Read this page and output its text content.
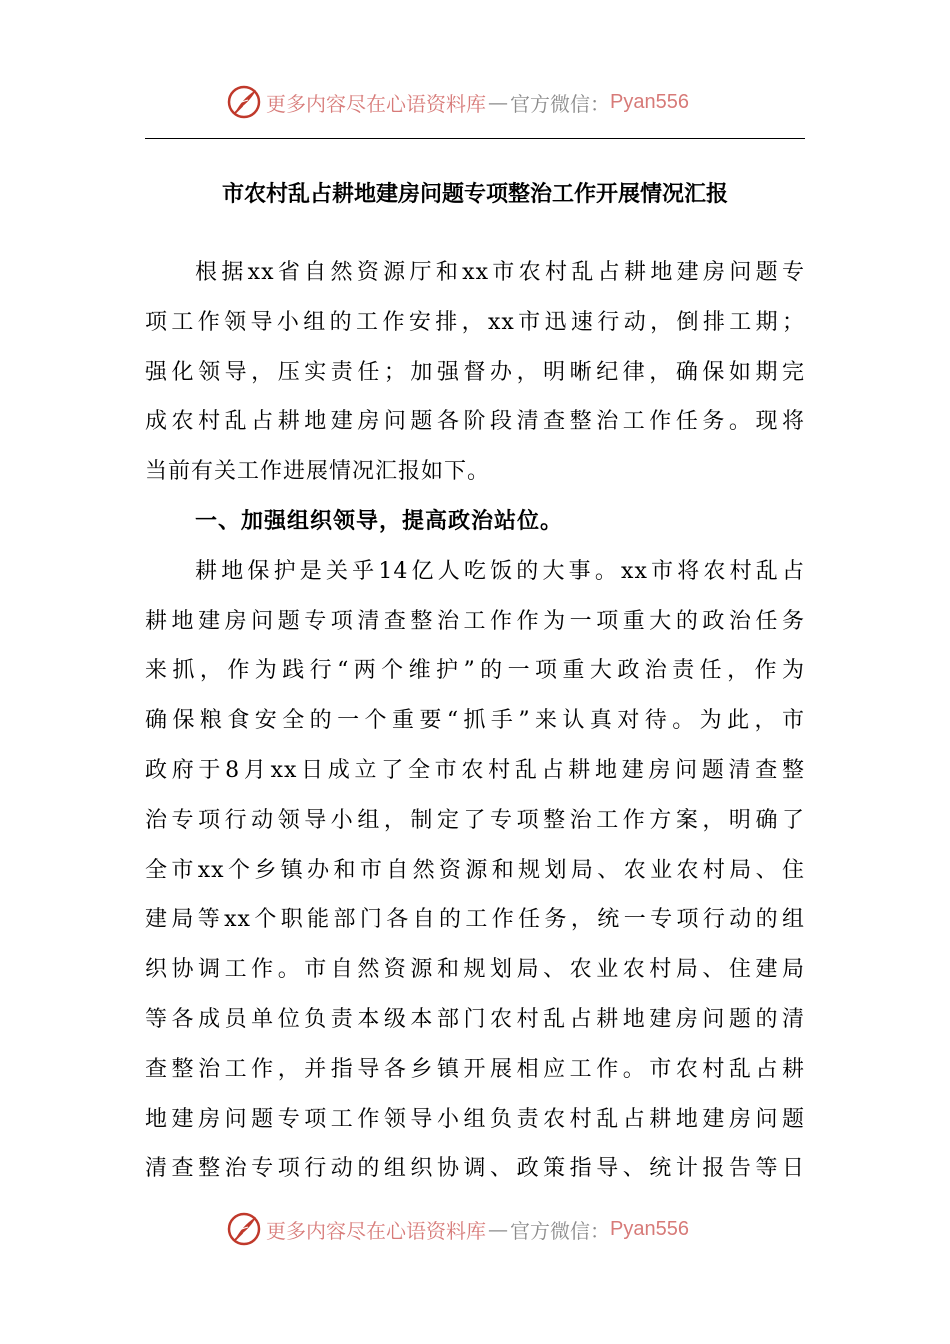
更多内容尽在心语资料库 — 官方微信： Pyan556
市农村乱占耕地建房问题专项整治工作开展情况汇报
根据xx省自然资源厅和xx市农村乱占耕地建房问题专
项工作领导小组的工作安排，xx市迅速行动，倒排工期；
强化领导，压实责任；加强督办，明晰纪律，确保如期完
成农村乱占耕地建房问题各阶段清查整治工作任务。现将
当前有关工作进展情况汇报如下。
一、加强组织领导，提高政治站位。
耕地保护是关乎14亿人吃饭的大事。xx市将农村乱占
耕地建房问题专项清查整治工作作为一项重大的政治任务
来抓，作为践行“两个维护”的一项重大政治责任，作为
确保粮食安全的一个重要“抓手”来认真对待。为此，市
政府于8月xx日成立了全市农村乱占耕地建房问题清查整
治专项行动领导小组，制定了专项整治工作方案，明确了
全市xx个乡镇办和市自然资源和规划局、农业农村局、住
建局等xx个职能部门各自的工作任务，统一专项行动的组
织协调工作。市自然资源和规划局、农业农村局、住建局
等各成员单位负责本级本部门农村乱占耕地建房问题的清
查整治工作，并指导各乡镇开展相应工作。市农村乱占耕
地建房问题专项工作领导小组负责农村乱占耕地建房问题
清查整治专项行动的组织协调、政策指导、统计报告等日
更多内容尽在心语资料库 — 官方微信： Pyan556
